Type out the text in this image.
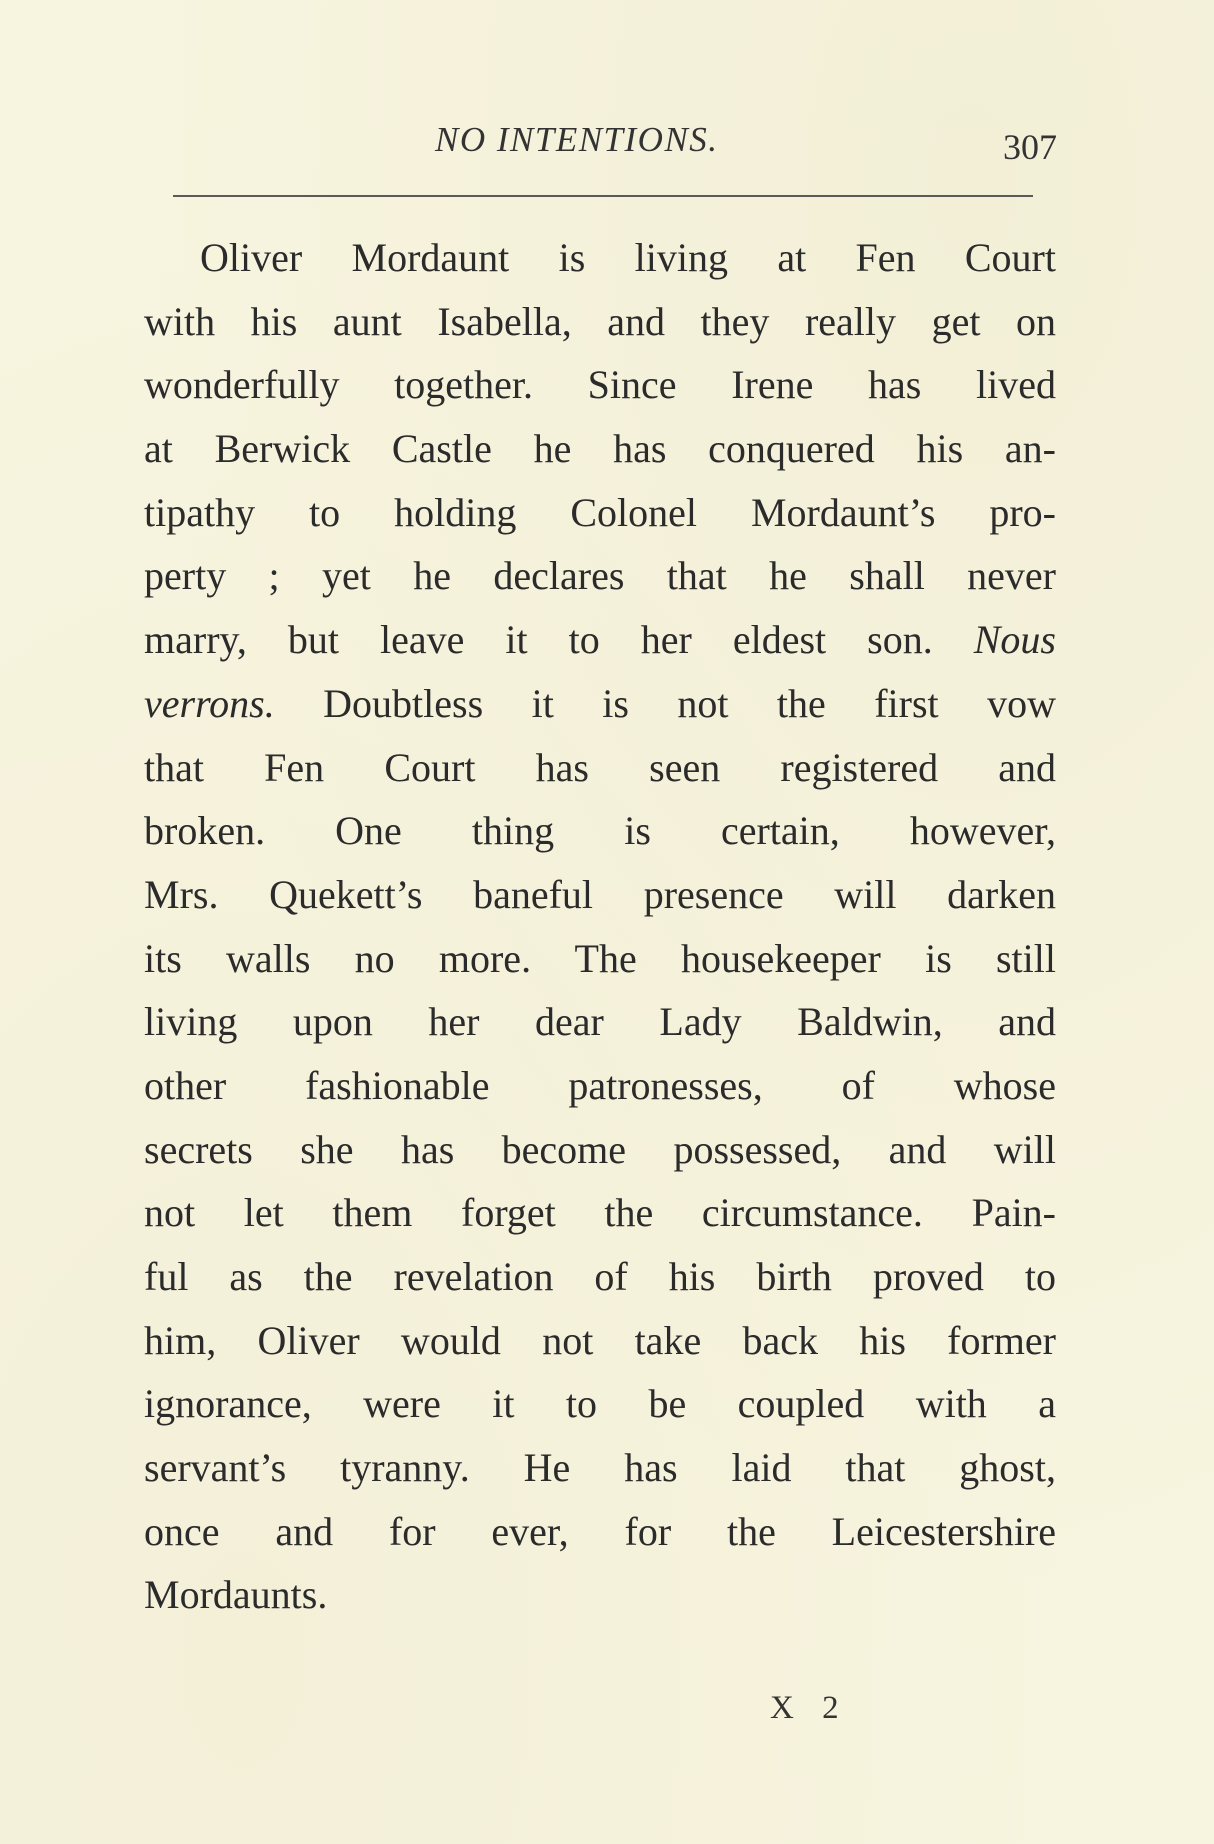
NO INTENTIONS.	307
Oliver Mordaunt is living at Fen Court
with his aunt Isabella, and they really get on
wonderfully together. Since Irene has lived
at Berwick Castle he has conquered his an-
tipathy to holding Colonel Mordaunt’s pro-
perty ; yet he declares that he shall never
marry, but leave it to her eldest son. Nous
verrons. Doubtless it is not the first vow
that Fen Court has seen registered and
broken. One thing is certain, however,
Mrs. Quekett’s baneful presence will darken
its walls no more. The housekeeper is still
living upon her dear Lady Baldwin, and
other fashionable patronesses, of whose
secrets she has become possessed, and will
not let them forget the circumstance. Pain-
ful as the revelation of his birth proved to
him, Oliver would not take back his former
ignorance, were it to be coupled with a
servant’s tyranny. He has laid that ghost,
once and for ever, for the Leicestershire
Mordaunts.
X 2
